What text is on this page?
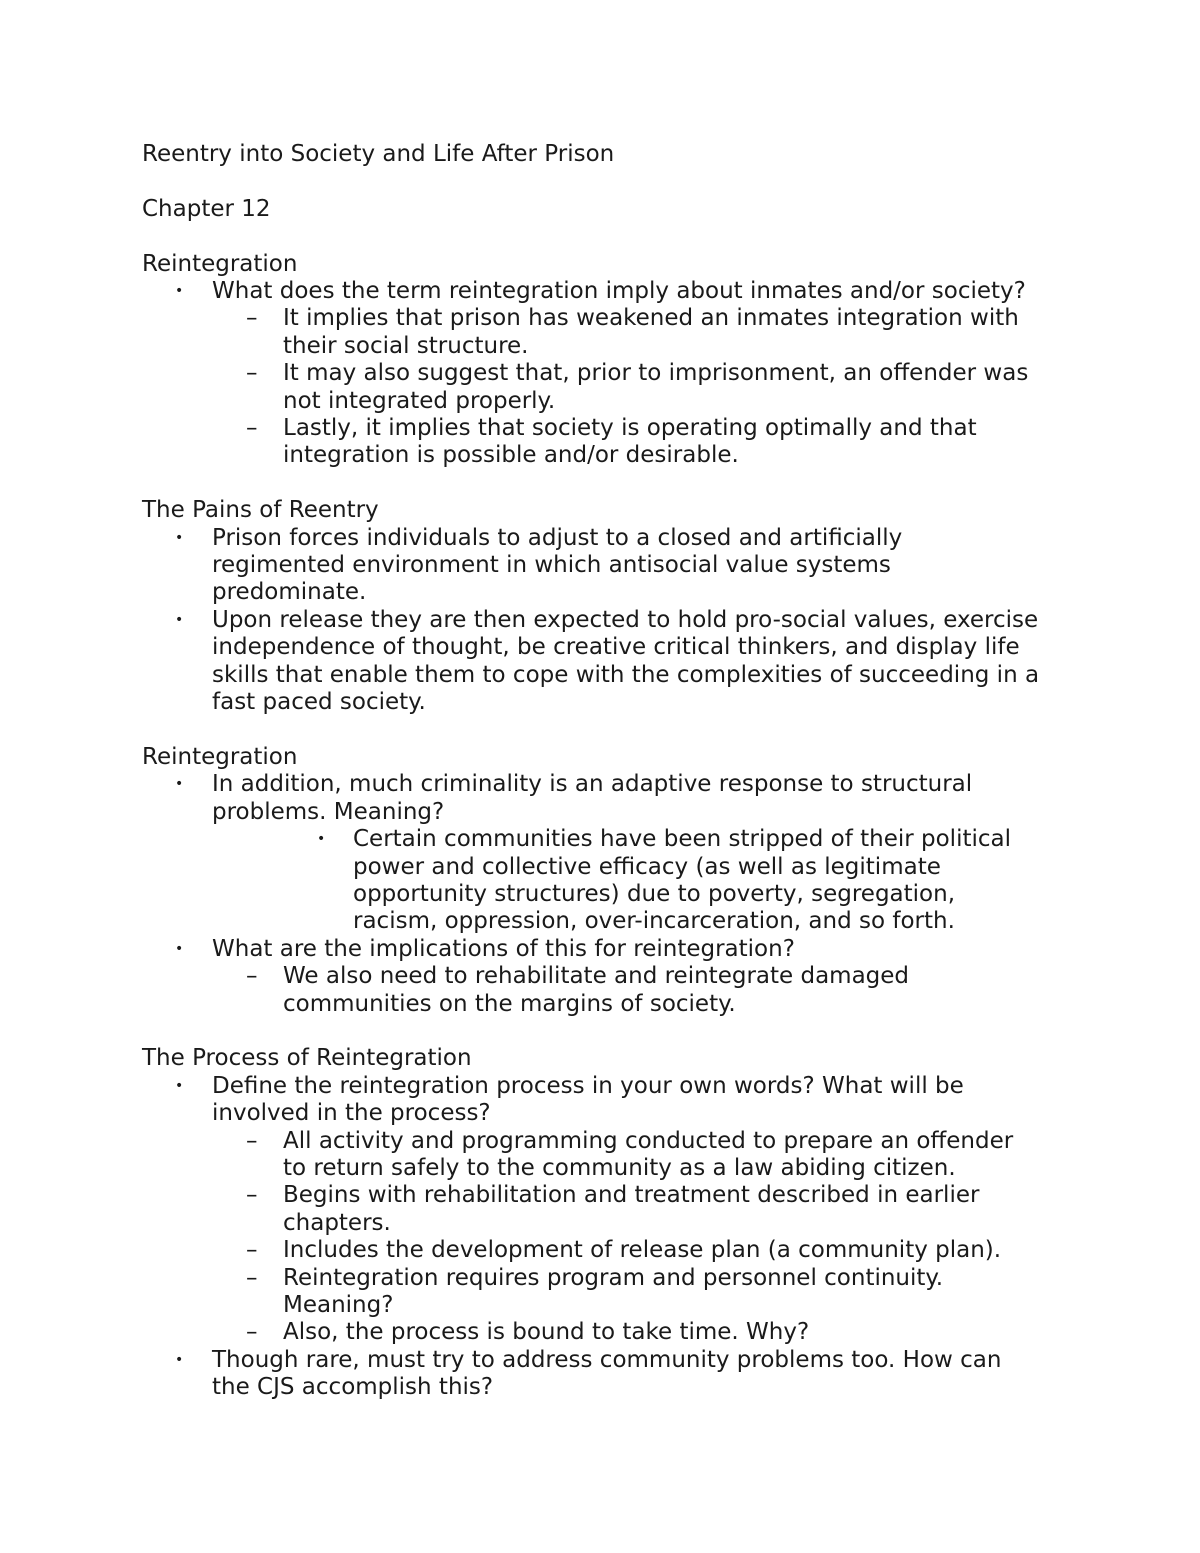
Reentry into Society and Life After Prison
Chapter 12
Reintegration
• What does the term reintegration imply about inmates and/or society?
– It implies that prison has weakened an inmates integration with
their social structure.
– It may also suggest that, prior to imprisonment, an offender was
not integrated properly.
– Lastly, it implies that society is operating optimally and that
integration is possible and/or desirable.
The Pains of Reentry
• Prison forces individuals to adjust to a closed and artificially
regimented environment in which antisocial value systems
predominate.
• Upon release they are then expected to hold pro-social values, exercise
independence of thought, be creative critical thinkers, and display life
skills that enable them to cope with the complexities of succeeding in a
fast paced society.
Reintegration
• In addition, much criminality is an adaptive response to structural
problems. Meaning?
• Certain communities have been stripped of their political
power and collective efficacy (as well as legitimate
opportunity structures) due to poverty, segregation,
racism, oppression, over-incarceration, and so forth.
• What are the implications of this for reintegration?
– We also need to rehabilitate and reintegrate damaged
communities on the margins of society.
The Process of Reintegration
• Define the reintegration process in your own words? What will be
involved in the process?
– All activity and programming conducted to prepare an offender
to return safely to the community as a law abiding citizen.
– Begins with rehabilitation and treatment described in earlier
chapters.
– Includes the development of release plan (a community plan).
– Reintegration requires program and personnel continuity.
Meaning?
– Also, the process is bound to take time. Why?
• Though rare, must try to address community problems too. How can
the CJS accomplish this?
